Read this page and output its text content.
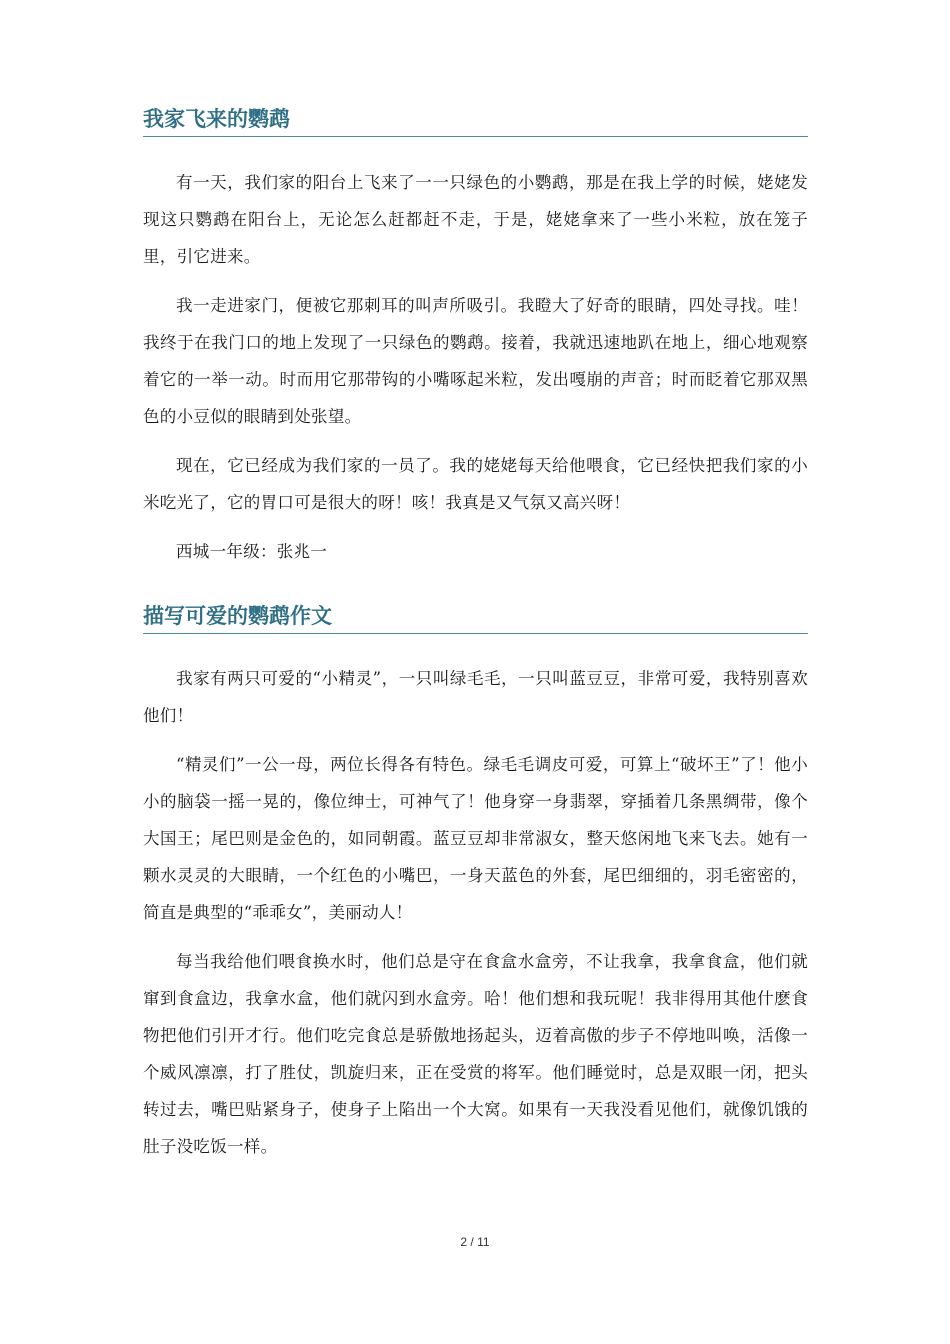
我家飞来的鹦鹉

有一天，我们家的阳台上飞来了一一只绿色的小鹦鹉，那是在我上学的时候，姥姥发现这只鹦鹉在阳台上，无论怎么赶都赶不走，于是，姥姥拿来了一些小米粒，放在笼子里，引它进来。

我一走进家门，便被它那刺耳的叫声所吸引。我瞪大了好奇的眼睛，四处寻找。哇！我终于在我门口的地上发现了一只绿色的鹦鹉。接着，我就迅速地趴在地上，细心地观察着它的一举一动。时而用它那带钩的小嘴啄起米粒，发出嘎崩的声音；时而眨着它那双黑色的小豆似的眼睛到处张望。

现在，它已经成为我们家的一员了。我的姥姥每天给他喂食，它已经快把我们家的小米吃光了，它的胃口可是很大的呀！咳！我真是又气氛又高兴呀！

西城一年级：张兆一

描写可爱的鹦鹉作文

我家有两只可爱的“小精灵”，一只叫绿毛毛，一只叫蓝豆豆，非常可爱，我特别喜欢他们！

“精灵们”一公一母，两位长得各有特色。绿毛毛调皮可爱，可算上“破坏王”了！他小小的脑袋一摇一晃的，像位绅士，可神气了！他身穿一身翡翠，穿插着几条黑绸带，像个大国王；尾巴则是金色的，如同朝霞。蓝豆豆却非常淑女，整天悠闲地飞来飞去。她有一颗水灵灵的大眼睛，一个红色的小嘴巴，一身天蓝色的外套，尾巴细细的，羽毛密密的，简直是典型的“乖乖女”，美丽动人！

每当我给他们喂食换水时，他们总是守在食盒水盒旁，不让我拿，我拿食盒，他们就窜到食盒边，我拿水盒，他们就闪到水盒旁。哈！他们想和我玩呢！我非得用其他什麽食物把他们引开才行。他们吃完食总是骄傲地扬起头，迈着高傲的步子不停地叫唤，活像一个威风凛凛，打了胜仗，凯旋归来，正在受赏的将军。他们睡觉时，总是双眼一闭，把头转过去，嘴巴贴紧身子，使身子上陷出一个大窝。如果有一天我没看见他们，就像饥饿的肚子没吃饭一样。

2 / 11
